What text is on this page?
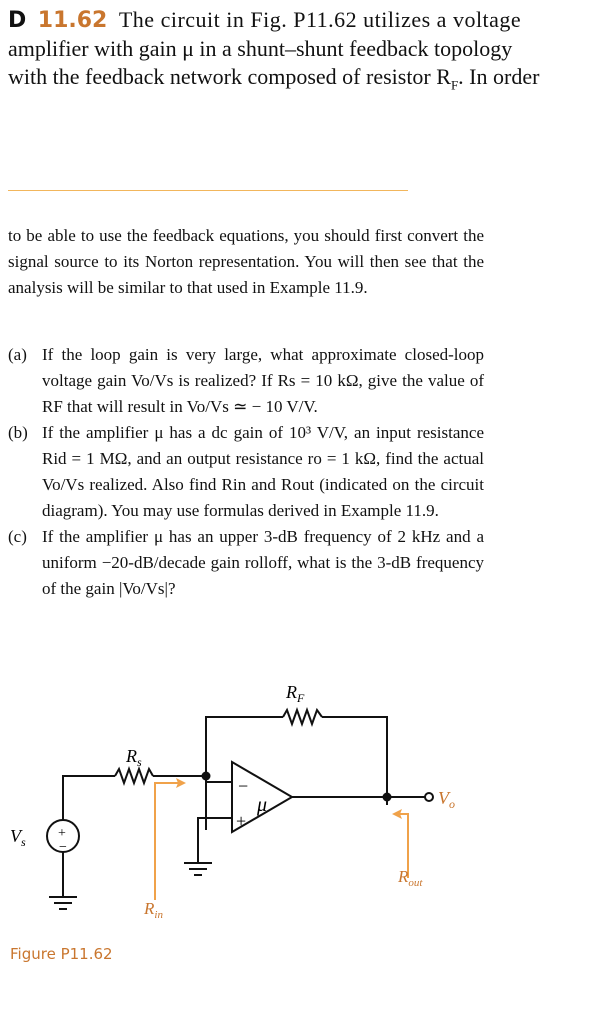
D 11.62 The circuit in Fig. P11.62 utilizes a voltage
amplifier with gain μ in a shunt–shunt feedback topology
with the feedback network composed of resistor $R_F$. In order
to be able to use the feedback equations, you should first convert the signal source to its Norton representation. You will then see that the analysis will be similar to that used in Example 11.9.
(a) If the loop gain is very large, what approximate closed-loop voltage gain Vo/Vs is realized? If Rs = 10 kΩ, give the value of RF that will result in Vo/Vs ≃ − 10 V/V.
(b) If the amplifier μ has a dc gain of 10³ V/V, an input resistance Rid = 1 MΩ, and an output resistance ro = 1 kΩ, find the actual Vo/Vs realized. Also find Rin and Rout (indicated on the circuit diagram). You may use formulas derived in Example 11.9.
(c) If the amplifier μ has an upper 3-dB frequency of 2 kHz and a uniform −20-dB/decade gain rolloff, what is the 3-dB frequency of the gain |Vo/Vs|?
$R_F$
$R_s$
μ
−
+
$V_o$
$V_s$
+
−
$R_{in}$
$R_{out}$
Figure P11.62
